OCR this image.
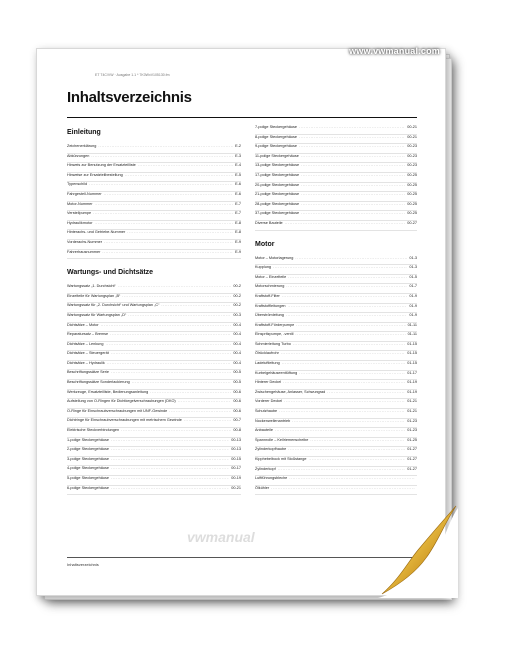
ET T4C/VW · Ausgabe 1.1 * 7K0WxV105130.fm
Inhaltsverzeichnis
Einleitung
Zeichenerklärung .....	E-2
Abkürzungen .....	E-3
Hinweis zur Benutzung der Ersatzteilliste .....	E-4
Hinweise zur Ersatzteilbestellung .....	E-5
Typenschild .....	E-6
Fahrgestell-Nummer .....	E-6
Motor-Nummer .....	E-7
Verstellpumpe .....	E-7
Hydraulikmotor .....	E-8
Hinterachs- und Getriebe-Nummer .....	E-8
Vorderachs-Nummer .....	E-9
Fahrerhausnummer .....	E-9
Wartungs- und Dichtsätze
Wartungssatz „1. Durchsicht“ .....	00-2
Einzelteile für Wartungsplan „B“ .....	00-2
Wartungssatz für „2. Durchsicht“ und Wartungsplan „C“ .....	00-2
Wartungssatz für Wartungsplan „D“ .....	00-3
Dichtsätze – Motor .....	00-4
Reparatursatz – Bremse .....	00-4
Dichtsätze – Lenkung .....	00-4
Dichtsätze – Steuergerät .....	00-4
Dichtsätze – Hydraulik .....	00-4
Beschriftungssätze Serie .....	00-5
Beschriftungssätze Sonderlackierung .....	00-5
Werkzeuge, Ersatzteilliste, Bedienungsanleitung .....	00-6
Aufstellung von O-Ringen für Dichtkegelverschraubungen (DKO) .....	00-6
O-Ringe für Einschraubverschraubungen mit UNF-Gewinde .....	00-6
Dichtringe für Einschraubverschraubungen mit metrischem Gewinde .....	00-7
Elektrische Steckverbindungen .....	00-8
1-polige Steckergehäuse .....	00-13
2-polige Steckergehäuse .....	00-13
3-polige Steckergehäuse .....	00-15
4-polige Steckergehäuse .....	00-17
5-polige Steckergehäuse .....	00-19
6-polige Steckergehäuse .....	00-21
7-polige Steckergehäuse .....	00-21
8-polige Steckergehäuse .....	00-21
9-polige Steckergehäuse .....	00-23
11-polige Steckergehäuse .....	00-23
13-polige Steckergehäuse .....	00-23
17-polige Steckergehäuse .....	00-25
20-polige Steckergehäuse .....	00-25
21-polige Steckergehäuse .....	00-25
28-polige Steckergehäuse .....	00-25
37-polige Steckergehäuse .....	00-25
Diverse Bauteile .....	00-27
Motor
Motor – Motorlagerung .....	01-3
Kupplung .....	01-3
Motor – Einzelteile .....	01-5
Motorschmierung .....	01-7
Kraftstoff-Filter .....	01-9
Kraftstoffleitungen .....	01-9
Überströmleitung .....	01-9
Kraftstoff-Förderpumpe .....	01-11
Einspritzpumpe, -ventil .....	01-11
Schmierleitung Turbo .....	01-15
Ölrücklaufrohr .....	01-15
Ladeluftleitung .....	01-15
Kurbelgehäuseentlüftung .....	01-17
Hinterer Deckel .....	01-19
Zwischengehäuse, Anlasser, Schwungrad .....	01-19
Vorderer Deckel .....	01-21
Schutzhaube .....	01-21
Nockenwellenantrieb .....	01-23
Anbauteile .....	01-23
Spannrolle – Keilriemenscheibe .....	01-25
Zylinderkopfhaube .....	01-27
Kipphebelbock mit Stoßstange .....	01-27
Zylinderkopf .....	01-27
Luftführungsbleche
.....
Ölkühler
.....
vwmanual
Inhaltsverzeichnis
www.vwmanual.com
